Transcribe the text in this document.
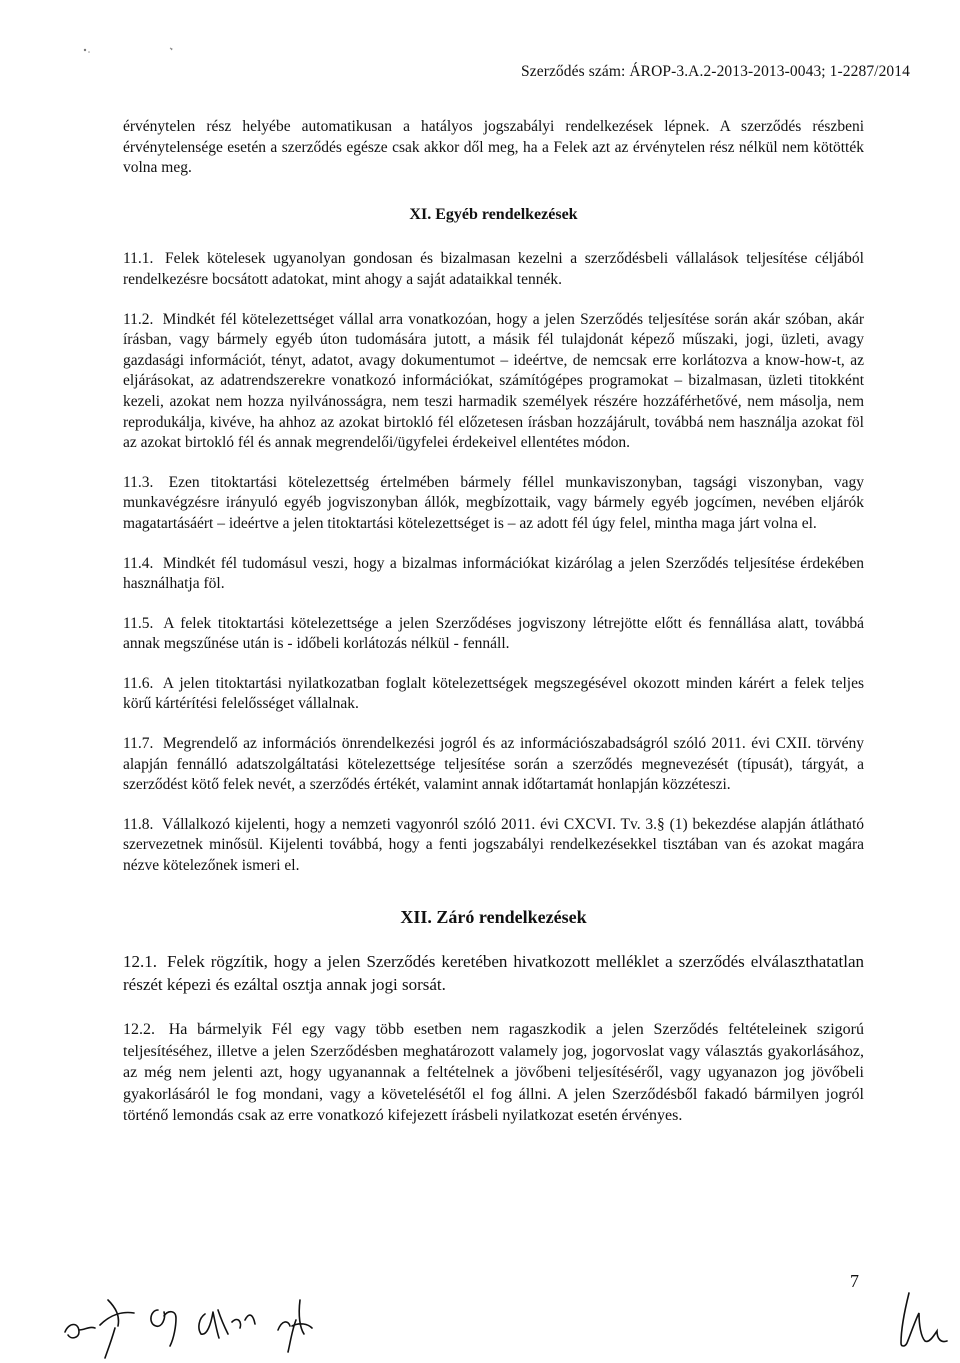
Szerződés szám: ÁROP-3.A.2-2013-2013-0043; 1-2287/2014

érvénytelen rész helyébe automatikusan a hatályos jogszabályi rendelkezések lépnek. A szerződés részbeni érvénytelensége esetén a szerződés egésze csak akkor dől meg, ha a Felek azt az érvénytelen rész nélkül nem kötötték volna meg.

XI. Egyéb rendelkezések

11.1. Felek kötelesek ugyanolyan gondosan és bizalmasan kezelni a szerződésbeli vállalások teljesítése céljából rendelkezésre bocsátott adatokat, mint ahogy a saját adataikkal tennék.

11.2. Mindkét fél kötelezettséget vállal arra vonatkozóan, hogy a jelen Szerződés teljesítése során akár szóban, akár írásban, vagy bármely egyéb úton tudomására jutott, a másik fél tulajdonát képező műszaki, jogi, üzleti, avagy gazdasági információt, tényt, adatot, avagy dokumentumot – ideértve, de nemcsak erre korlátozva a know-how-t, az eljárásokat, az adatrendszerekre vonatkozó információkat, számítógépes programokat – bizalmasan, üzleti titokként kezeli, azokat nem hozza nyilvánosságra, nem teszi harmadik személyek részére hozzáférhetővé, nem másolja, nem reprodukálja, kivéve, ha ahhoz az azokat birtokló fél előzetesen írásban hozzájárult, továbbá nem használja azokat föl az azokat birtokló fél és annak megrendelői/ügyfelei érdekeivel ellentétes módon.

11.3. Ezen titoktartási kötelezettség értelmében bármely féllel munkaviszonyban, tagsági viszonyban, vagy munkavégzésre irányuló egyéb jogviszonyban állók, megbízottaik, vagy bármely egyéb jogcímen, nevében eljárók magatartásáért – ideértve a jelen titoktartási kötelezettséget is – az adott fél úgy felel, mintha maga járt volna el.

11.4. Mindkét fél tudomásul veszi, hogy a bizalmas információkat kizárólag a jelen Szerződés teljesítése érdekében használhatja föl.

11.5. A felek titoktartási kötelezettsége a jelen Szerződéses jogviszony létrejötte előtt és fennállása alatt, továbbá annak megszűnése után is - időbeli korlátozás nélkül - fennáll.

11.6. A jelen titoktartási nyilatkozatban foglalt kötelezettségek megszegésével okozott minden kárért a felek teljes körű kártérítési felelősséget vállalnak.

11.7. Megrendelő az információs önrendelkezési jogról és az információszabadságról szóló 2011. évi CXII. törvény alapján fennálló adatszolgáltatási kötelezettsége teljesítése során a szerződés megnevezését (típusát), tárgyát, a szerződést kötő felek nevét, a szerződés értékét, valamint annak időtartamát honlapján közzéteszi.

11.8. Vállalkozó kijelenti, hogy a nemzeti vagyonról szóló 2011. évi CXCVI. Tv. 3.§ (1) bekezdése alapján átlátható szervezetnek minősül. Kijelenti továbbá, hogy a fenti jogszabályi rendelkezésekkel tisztában van és azokat magára nézve kötelezőnek ismeri el.

XII. Záró rendelkezések

12.1. Felek rögzítik, hogy a jelen Szerződés keretében hivatkozott melléklet a szerződés elválaszthatatlan részét képezi és ezáltal osztja annak jogi sorsát.

12.2. Ha bármelyik Fél egy vagy több esetben nem ragaszkodik a jelen Szerződés feltételeinek szigorú teljesítéséhez, illetve a jelen Szerződésben meghatározott valamely jog, jogorvoslat vagy választás gyakorlásához, az még nem jelenti azt, hogy ugyanannak a feltételnek a jövőbeni teljesítéséről, vagy ugyanazon jog jövőbeli gyakorlásáról le fog mondani, vagy a követelésétől el fog állni. A jelen Szerződésből fakadó bármilyen jogról történő lemondás csak az erre vonatkozó kifejezett írásbeli nyilatkozat esetén érvényes.

7
